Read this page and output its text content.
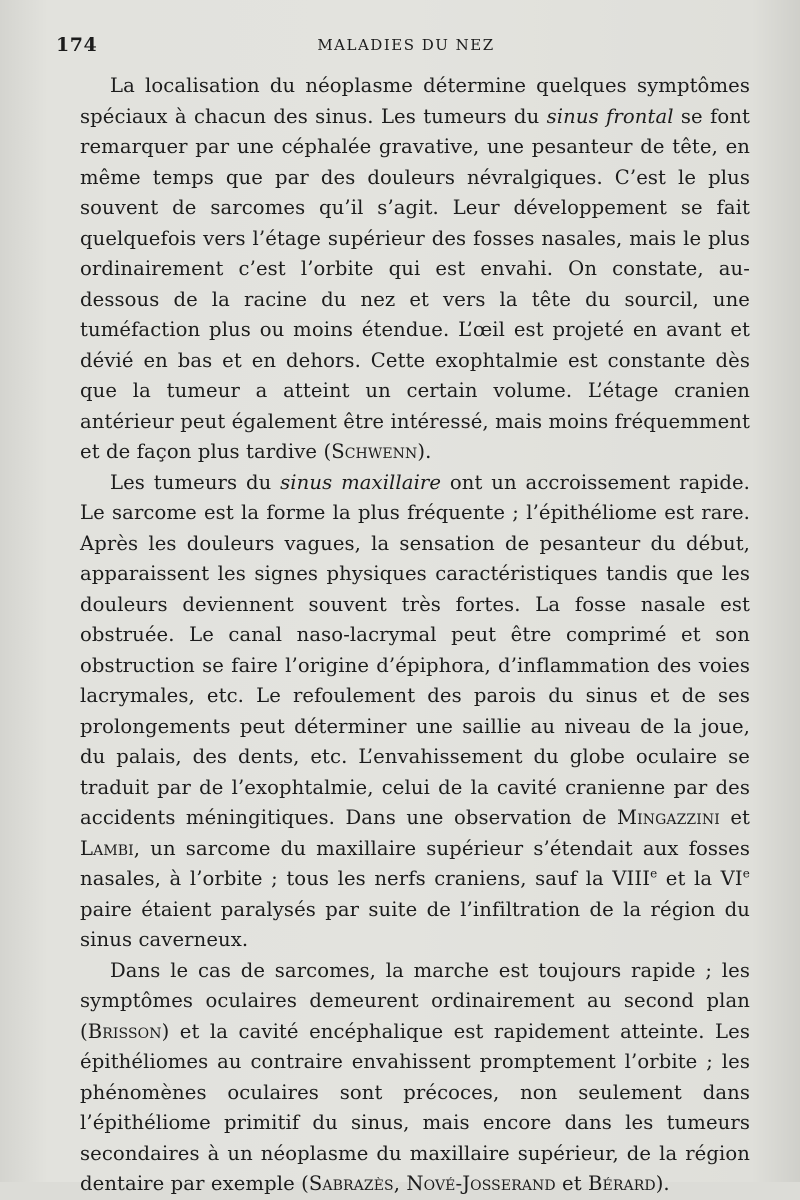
174	MALADIES DU NEZ

La localisation du néoplasme détermine quelques symptômes spéciaux à chacun des sinus. Les tumeurs du sinus frontal se font remarquer par une céphalée gravative, une pesanteur de tête, en même temps que par des douleurs névralgiques. C’est le plus souvent de sarcomes qu’il s’agit. Leur développement se fait quelquefois vers l’étage supérieur des fosses nasales, mais le plus ordinairement c’est l’orbite qui est envahi. On constate, au-dessous de la racine du nez et vers la tête du sourcil, une tuméfaction plus ou moins étendue. L’œil est projeté en avant et dévié en bas et en dehors. Cette exophtalmie est constante dès que la tumeur a atteint un certain volume. L’étage cranien antérieur peut également être intéressé, mais moins fréquemment et de façon plus tardive (Schwenn).

Les tumeurs du sinus maxillaire ont un accroissement rapide. Le sarcome est la forme la plus fréquente ; l’épithéliome est rare. Après les douleurs vagues, la sensation de pesanteur du début, apparaissent les signes physiques caractéristiques tandis que les douleurs deviennent souvent très fortes. La fosse nasale est obstruée. Le canal naso-lacrymal peut être comprimé et son obstruction se faire l’origine d’épiphora, d’inflammation des voies lacrymales, etc. Le refoulement des parois du sinus et de ses prolongements peut déterminer une saillie au niveau de la joue, du palais, des dents, etc. L’envahissement du globe oculaire se traduit par de l’exophtalmie, celui de la cavité cranienne par des accidents méningitiques. Dans une observation de Mingazzini et Lambi, un sarcome du maxillaire supérieur s’étendait aux fosses nasales, à l’orbite ; tous les nerfs craniens, sauf la VIIIe et la VIe paire étaient paralysés par suite de l’infiltration de la région du sinus caverneux.

Dans le cas de sarcomes, la marche est toujours rapide ; les symptômes oculaires demeurent ordinairement au second plan (Brisson) et la cavité encéphalique est rapidement atteinte. Les épithéliomes au contraire envahissent promptement l’orbite ; les phénomènes oculaires sont précoces, non seulement dans l’épithéliome primitif du sinus, mais encore dans les tumeurs secondaires à un néoplasme du maxillaire supérieur, de la région dentaire par exemple (Sabrazès, Nové-Josserand et Bérard).
